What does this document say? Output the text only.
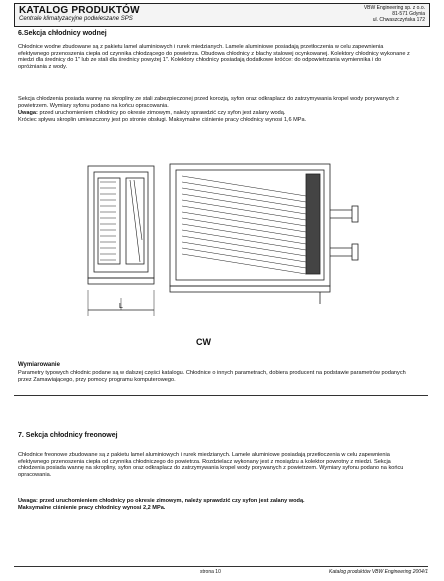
KATALOG PRODUKTÓW
Centrale klimatyzacyjne podwieszane SPS
VBW Engineering sp. z o.o.
81-571 Gdynia
ul. Chwaszczyńska 172
6.Sekcja chłodnicy wodnej

Chłodnice wodne zbudowane są z pakietu lamel aluminiowych i rurek miedzianych. Lamele aluminiowe posiadają przetłoczenia w celu zapewnienia efektywnego przenoszenia ciepła od czynnika chłodzącego do powietrza. Obudowa chłodnicy z blachy stalowej ocynkowanej. Kolektory chłodnicy wykonane z miedzi dla średnicy do 1" lub ze stali dla średnicy powyżej 1". Kolektory chłodnicy posiadają dodatkowe króćce: do odpowietrzania wymiennika i do opróżniania z wody.

Sekcja chłodzenia posiada wannę na skropliny ze stali zabezpieczonej przed korozją, syfon oraz odkraplacz do zatrzymywania kropel wody porywanych z powietrzem. Wymiary syfonu podano na końcu opracowania.

Uwaga: przed uruchomieniem chłodnicy po okresie zimowym, należy sprawdzić czy syfon jest zalany wodą.

Króciec spływu skroplin umieszczony jest po stronie obsługi. Maksymalne ciśnienie pracy chłodnicy wynosi 1,6 MPa.

L
CW
Wymiarowanie

Parametry typowych chłodnic podane są w dalszej części katalogu. Chłodnice o innych parametrach, dobiera producent na podstawie parametrów podanych przez Zamawiającego, przy pomocy programu komputerowego.

7. Sekcja chłodnicy freonowej

Chłodnice freonowe zbudowane są z pakietu lamel aluminiowych i rurek miedzianych. Lamele aluminiowe posiadają przetłoczenia w celu zapewnienia efektywnego przenoszenia ciepła od czynnika chłodniczego do powietrza. Rozdzielacz wykonany jest z mosiądzu a kolektor powrotny z miedzi. Sekcja chłodzenia posiada wannę na skropliny, syfon oraz odkraplacz do zatrzymywania kropel wody porywanych z powietrzem. Wymiary syfonu podano na końcu opracowania.

Uwaga: przed uruchomieniem chłodnicy po okresie zimowym, należy sprawdzić czy syfon jest zalany wodą.
Maksymalne ciśnienie pracy chłodnicy wynosi 2,2 MPa.

strona 10	Katalog produktów VBW Engineering 2004/1
